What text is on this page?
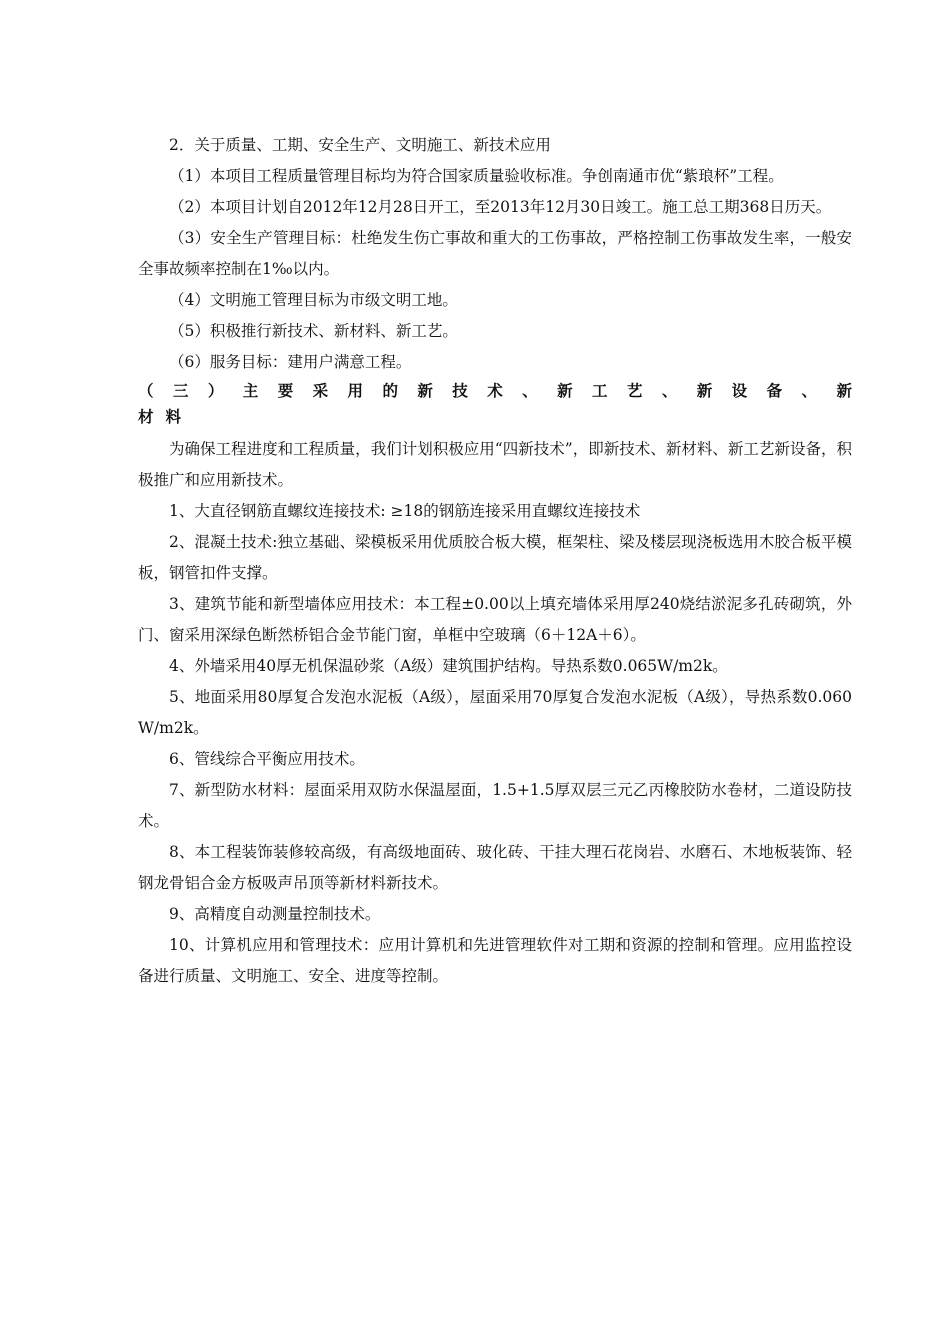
2．关于质量、工期、安全生产、文明施工、新技术应用

（1）本项目工程质量管理目标均为符合国家质量验收标准。争创南通市优“紫琅杯”工程。

（2）本项目计划自2012年12月28日开工，至2013年12月30日竣工。施工总工期368日历天。

（3）安全生产管理目标：杜绝发生伤亡事故和重大的工伤事故，严格控制工伤事故发生率，一般安全事故频率控制在1‰以内。

（4）文明施工管理目标为市级文明工地。

（5）积极推行新技术、新材料、新工艺。

（6）服务目标：建用户满意工程。

（ 三 ） 主 要 采 用 的 新 技 术 、 新 工 艺 、 新 设 备 、 新
材料

为确保工程进度和工程质量，我们计划积极应用“四新技术”，即新技术、新材料、新工艺新设备，积极推广和应用新技术。

1、大直径钢筋直螺纹连接技术: ≥18的钢筋连接采用直螺纹连接技术

2、混凝土技术:独立基础、梁模板采用优质胶合板大模，框架柱、梁及楼层现浇板选用木胶合板平模板，钢管扣件支撑。

3、建筑节能和新型墙体应用技术：本工程±0.00以上填充墙体采用厚240烧结淤泥多孔砖砌筑，外门、窗采用深绿色断然桥铝合金节能门窗，单框中空玻璃（6＋12A＋6）。

4、外墙采用40厚无机保温砂浆（A级）建筑围护结构。导热系数0.065W/m2k。

5、地面采用80厚复合发泡水泥板（A级），屋面采用70厚复合发泡水泥板（A级），导热系数0.060W/m2k。

6、管线综合平衡应用技术。

7、新型防水材料：屋面采用双防水保温屋面，1.5+1.5厚双层三元乙丙橡胶防水卷材，二道设防技术。

8、本工程装饰装修较高级，有高级地面砖、玻化砖、干挂大理石花岗岩、水磨石、木地板装饰、轻钢龙骨铝合金方板吸声吊顶等新材料新技术。

9、高精度自动测量控制技术。

10、计算机应用和管理技术：应用计算机和先进管理软件对工期和资源的控制和管理。应用监控设备进行质量、文明施工、安全、进度等控制。
